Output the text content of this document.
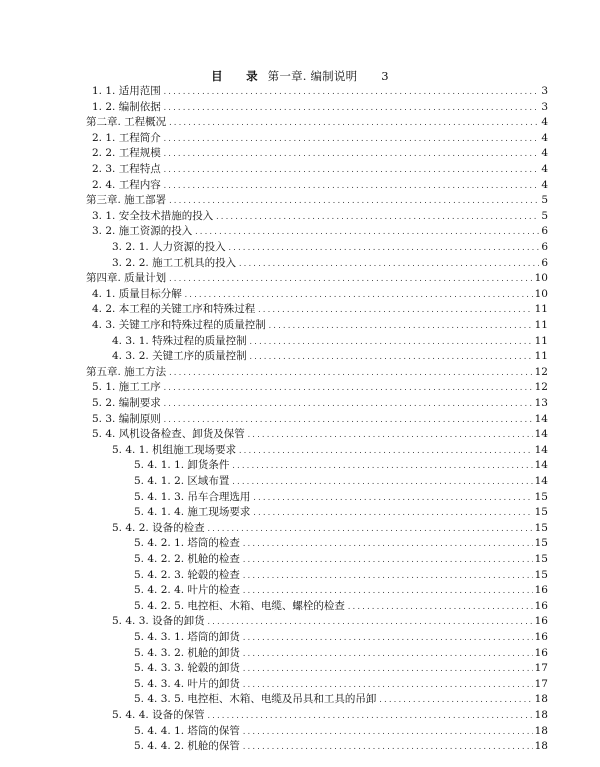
目　录 第一章. 编制说明 3
1. 1. 适用范围 .....	3
1. 2. 编制依据 .....	3
第二章. 工程概况 .....	4
2. 1. 工程简介 .....	4
2. 2. 工程规模 .....	4
2. 3. 工程特点 .....	4
2. 4. 工程内容 .....	4
第三章. 施工部署 .....	5
3. 1. 安全技术措施的投入 .....	5
3. 2. 施工资源的投入 .....	6
3. 2. 1. 人力资源的投入 .....	6
3. 2. 2. 施工工机具的投入 .....	6
第四章. 质量计划 .....	10
4. 1. 质量目标分解 .....	10
4. 2. 本工程的关键工序和特殊过程 .....	11
4. 3. 关键工序和特殊过程的质量控制 .....	11
4. 3. 1. 特殊过程的质量控制 .....	11
4. 3. 2. 关键工序的质量控制 .....	11
第五章. 施工方法 .....	12
5. 1. 施工工序 .....	12
5. 2. 编制要求 .....	13
5. 3. 编制原则 .....	14
5. 4. 风机设备检查、卸货及保管 .....	14
5. 4. 1. 机组施工现场要求 .....	14
5. 4. 1. 1. 卸货条件 .....	14
5. 4. 1. 2. 区域布置 .....	14
5. 4. 1. 3. 吊车合理选用 .....	15
5. 4. 1. 4. 施工现场要求 .....	15
5. 4. 2. 设备的检查 .....	15
5. 4. 2. 1. 塔筒的检查 .....	15
5. 4. 2. 2. 机舱的检查 .....	15
5. 4. 2. 3. 轮毂的检查 .....	15
5. 4. 2. 4. 叶片的检查 .....	16
5. 4. 2. 5. 电控柜、木箱、电缆、螺栓的检查 .....	16
5. 4. 3. 设备的卸货 .....	16
5. 4. 3. 1. 塔筒的卸货 .....	16
5. 4. 3. 2. 机舱的卸货 .....	16
5. 4. 3. 3. 轮毂的卸货 .....	17
5. 4. 3. 4. 叶片的卸货 .....	17
5. 4. 3. 5. 电控柜、木箱、电缆及吊具和工具的吊卸 .....	18
5. 4. 4. 设备的保管 .....	18
5. 4. 4. 1. 塔筒的保管 .....	18
5. 4. 4. 2. 机舱的保管 .....	18
